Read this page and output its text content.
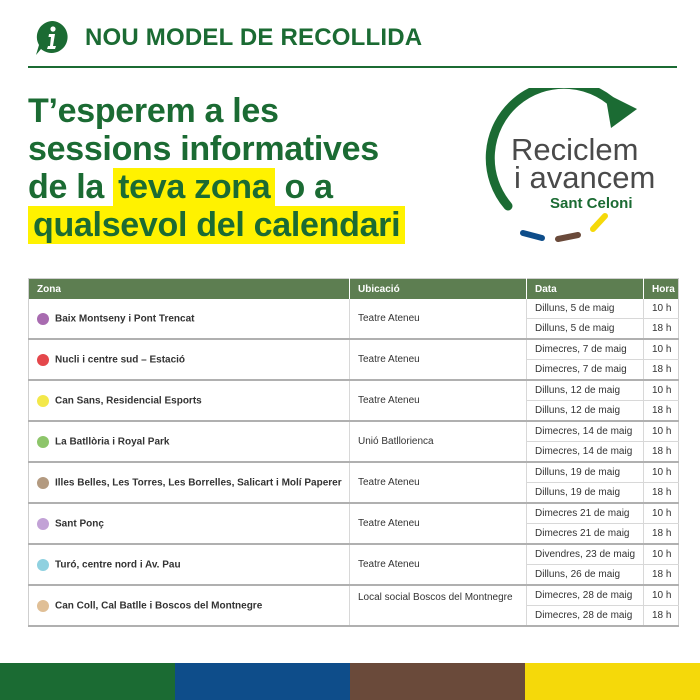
NOU MODEL DE RECOLLIDA
T’esperem a les
sessions informatives
de la teva zona o a
qualsevol del calendari
Reciclem
i avancem
Sant Celoni
Zona	Ubicació	Data	Hora
Baix Montseny i Pont Trencat	Teatre Ateneu	Dilluns, 5 de maig	10 h
		Dilluns, 5 de maig	18 h
Nucli i centre sud – Estació	Teatre Ateneu	Dimecres, 7 de maig	10 h
		Dimecres, 7 de maig	18 h
Can Sans, Residencial Esports	Teatre Ateneu	Dilluns, 12 de maig	10 h
		Dilluns, 12 de maig	18 h
La Batllòria i Royal Park	Unió Batllorienca	Dimecres, 14 de maig	10 h
		Dimecres, 14 de maig	18 h
Illes Belles, Les Torres, Les Borrelles, Salicart i Molí Paperer	Teatre Ateneu	Dilluns, 19 de maig	10 h
		Dilluns, 19 de maig	18 h
Sant Ponç	Teatre Ateneu	Dimecres 21 de maig	10 h
		Dimecres 21 de maig	18 h
Turó, centre nord i Av. Pau	Teatre Ateneu	Divendres, 23 de maig	10 h
		Dilluns, 26 de maig	18 h
Can Coll, Cal Batlle i Boscos del Montnegre	Local social Boscos del Montnegre	Dimecres, 28 de maig	10 h
		Dimecres, 28 de maig	18 h
